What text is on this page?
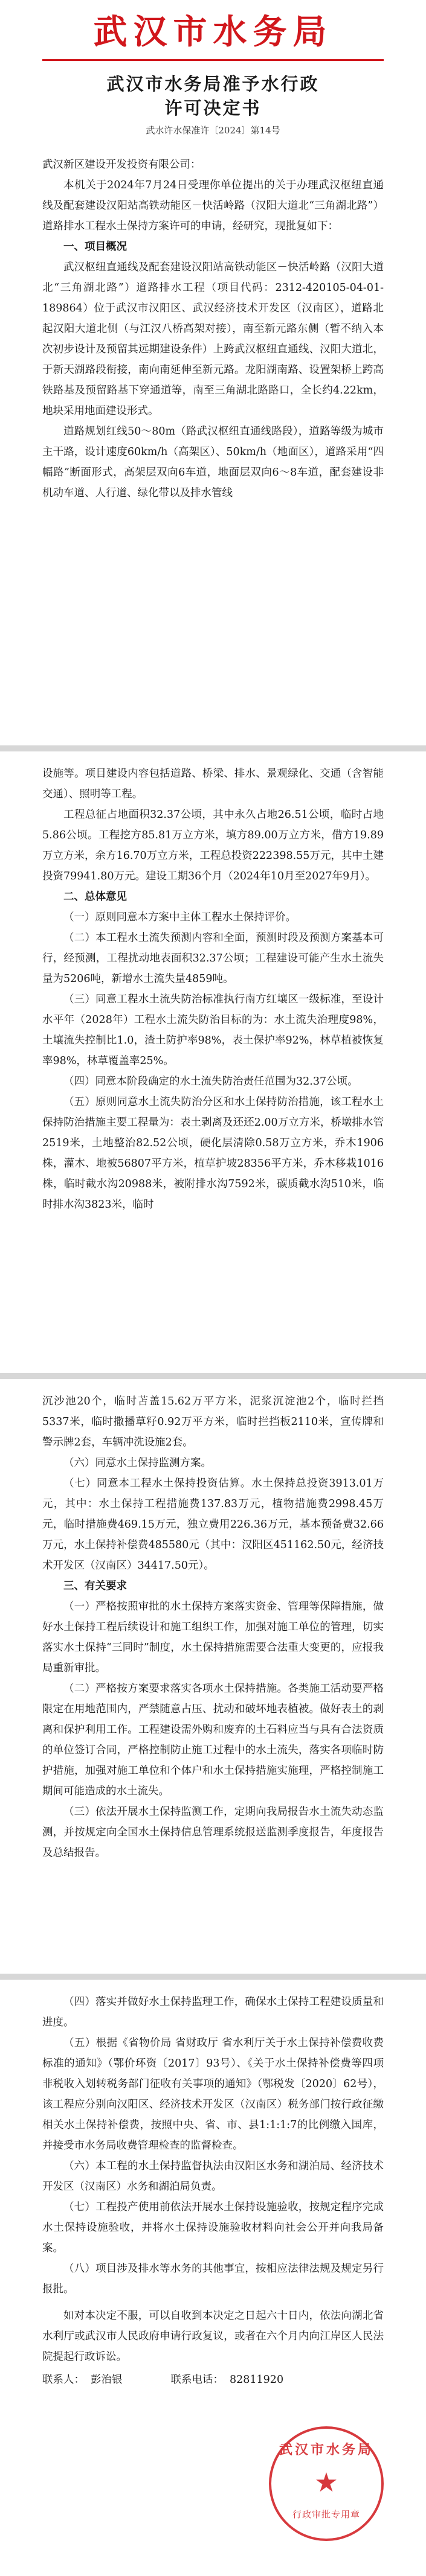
武汉市水务局
武汉市水务局准予水行政
许可决定书
武水许水保准许〔2024〕第14号
武汉新区建设开发投资有限公司：

本机关于2024年7月24日受理你单位提出的关于办理武汉枢纽直通线及配套建设汉阳站高铁动能区－快活岭路（汉阳大道北“三角湖北路”）道路排水工程水土保持方案许可的申请，经研究，现批复如下：

一、项目概况

武汉枢纽直通线及配套建设汉阳站高铁动能区－快活岭路（汉阳大道北“三角湖北路”）道路排水工程（项目代码：2312-420105-04-01-189864）位于武汉市汉阳区、武汉经济技术开发区（汉南区），道路北起汉阳大道北侧（与江汉八桥高架对接），南至新元路东侧（暂不纳入本次初步设计及预留其远期建设条件）上跨武汉枢纽直通线、汉阳大道北，于新天湖路段衔接，南向南延伸至新元路。龙阳湖南路、设置架桥上跨高铁路基及预留路基下穿通道等，南至三角湖北路路口，全长约4.22km，地块采用地面建设形式。

道路规划红线50～80m（路武汉枢纽直通线路段），道路等级为城市主干路，设计速度60km/h（高架区）、50km/h（地面区），道路采用“四幅路”断面形式，高架层双向6车道，地面层双向6～8车道，配套建设非机动车道、人行道、绿化带以及排水管线

设施等。项目建设内容包括道路、桥梁、排水、景观绿化、交通（含智能交通）、照明等工程。

工程总征占地面积32.37公顷，其中永久占地26.51公顷，临时占地5.86公顷。工程挖方85.81万立方米，填方89.00万立方米，借方19.89万立方米，余方16.70万立方米，工程总投资222398.55万元，其中土建投资79941.80万元。建设工期36个月（2024年10月至2027年9月）。

二、总体意见

（一）原则同意本方案中主体工程水土保持评价。

（二）本工程水土流失预测内容和全面，预测时段及预测方案基本可行，经预测，工程扰动地表面积32.37公顷；工程建设可能产生水土流失量为5206吨，新增水土流失量4859吨。

（三）同意工程水土流失防治标准执行南方红壤区一级标准，至设计水平年（2028年）工程水土流失防治目标的为：水土流失治理度98%，土壤流失控制比1.0，渣土防护率98%，表土保护率92%，林草植被恢复率98%，林草覆盖率25%。

（四）同意本阶段确定的水土流失防治责任范围为32.37公顷。

（五）原则同意水土流失防治分区和水土保持防治措施，该工程水土保持防治措施主要工程量为：表土剥离及还还2.00万立方米，桥墩排水管2519米，土地整治82.52公顷，硬化层清除0.58万立方米，乔木1906株，灌木、地被56807平方米，植草护坡28356平方米，乔木移栽1016株，临时截水沟20988米，被附排水沟7592米，碳质截水沟510米，临时排水沟3823米，临时

沉沙池20个，临时苫盖15.62万平方米，泥浆沉淀池2个，临时拦挡5337米，临时撒播草籽0.92万平方米，临时拦挡板2110米，宣传牌和警示牌2套，车辆冲洗设施2套。

（六）同意水土保持监测方案。

（七）同意本工程水土保持投资估算。水土保持总投资3913.01万元，其中：水土保持工程措施费137.83万元，植物措施费2998.45万元，临时措施费469.15万元，独立费用226.36万元，基本预备费32.66万元，水土保持补偿费485580元（其中：汉阳区451162.50元，经济技术开发区（汉南区）34417.50元）。

三、有关要求

（一）严格按照审批的水土保持方案落实资金、管理等保障措施，做好水土保持工程后续设计和施工组织工作，加强对施工单位的管理，切实落实水土保持“三同时”制度，水土保持措施需要合法重大变更的，应报我局重新审批。

（二）严格按方案要求落实各项水土保持措施。各类施工活动要严格限定在用地范围内，严禁随意占压、扰动和破坏地表植被。做好表土的剥离和保护利用工作。工程建设需外购和废弃的土石料应当与具有合法资质的单位签订合同，严格控制防止施工过程中的水土流失，落实各项临时防护措施，加强对施工单位和个体户和水土保持措施实施理，严格控制施工期间可能造成的水土流失。

（三）依法开展水土保持监测工作，定期向我局报告水土流失动态监测，并按规定向全国水土保持信息管理系统报送监测季度报告，年度报告及总结报告。

（四）落实并做好水土保持监理工作，确保水土保持工程建设质量和进度。

（五）根据《省物价局 省财政厅 省水利厅关于水土保持补偿费收费标准的通知》（鄂价环资〔2017〕93号）、《关于水土保持补偿费等四项非税收入划转税务部门征收有关事项的通知》（鄂税发〔2020〕62号），该工程应分别向汉阳区、经济技术开发区（汉南区）税务部门按行政征缴相关水土保持补偿费，按照中央、省、市、县1:1:1:7的比例缴入国库，并接受市水务局收费管理检查的监督检查。

（六）本工程的水土保持监督执法由汉阳区水务和湖泊局、经济技术开发区（汉南区）水务和湖泊局负责。

（七）工程投产使用前依法开展水土保持设施验收，按规定程序完成水土保持设施验收，并将水土保持设施验收材料向社会公开并向我局备案。

（八）项目涉及排水等水务的其他事宜，按相应法律法规及规定另行报批。

如对本决定不服，可以自收到本决定之日起六十日内，依法向湖北省水利厅或武汉市人民政府申请行政复议，或者在六个月内向江岸区人民法院提起行政诉讼。

联系人： 彭治银	联系电话： 82811920
武汉市水务局
★
行政审批专用章
